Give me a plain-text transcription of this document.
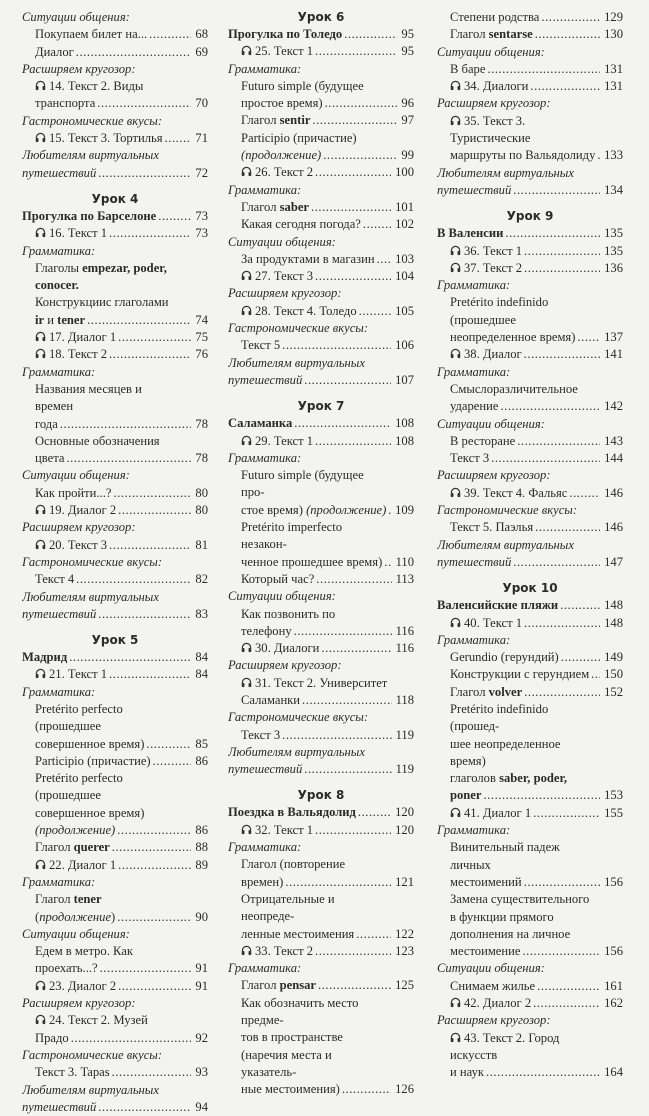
Ситуации общения:
Покупаем билет на... . . .	68
Диалог . . .	69
Расширяем кругозор:
14. Текст 2. Виды
транспорта . . .	70
Гастрономические вкусы:
15. Текст 3. Тортилья . . .	71
Любителям виртуальных
путешествий . . .	72
Урок 4
Прогулка по Барселоне . . .	73
16. Текст 1 . . .	73
Грамматика:
Глаголы empezar, poder, conocer.
Конструкциис глаголами
ir и tener . . .	74
17. Диалог 1 . . .	75
18. Текст 2 . . .	76
Грамматика:
Названия месяцев и времен
года . . .	78
Основные обозначения
цвета . . .	78
Ситуации общения:
Как пройти...? . . .	80
19. Диалог 2 . . .	80
Расширяем кругозор:
20. Текст 3 . . .	81
Гастрономические вкусы:
Текст 4 . . .	82
Любителям виртуальных
путешествий . . .	83
Урок 5
Мадрид . . .	84
21. Текст 1 . . .	84
Грамматика:
Pretérito perfecto (прошедшее
совершенное время) . . .	85
Participio (причастие) . . .	86
Pretérito perfecto (прошедшее
совершенное время)
(продолжение) . . .	86
Глагол querer . . .	88
22. Диалог 1 . . .	89
Грамматика:
Глагол tener (продолжение) . . .	90
Ситуации общения:
Едем в метро. Как проехать...? . . .	91
23. Диалог 2 . . .	91
Расширяем кругозор:
24. Текст 2. Музей Прадо . . .	92
Гастрономические вкусы:
Текст 3. Tapas . . .	93
Любителям виртуальных
путешествий . . .	94
Урок 6
Прогулка по Толедо . . .	95
25. Текст 1 . . .	95
Грамматика:
Futuro simple (будущее
простое время) . . .	96
Глагол sentir . . .	97
Participio (причастие)
(продолжение) . . .	99
26. Текст 2 . . .	100
Грамматика:
Глагол saber . . .	101
Какая сегодня погода? . . .	102
Ситуации общения:
За продуктами в магазин . . .	103
27. Текст 3 . . .	104
Расширяем кругозор:
28. Текст 4. Толедо . . .	105
Гастрономические вкусы:
Текст 5 . . .	106
Любителям виртуальных
путешествий . . .	107
Урок 7
Саламанка . . .	108
29. Текст 1 . . .	108
Грамматика:
Futuro simple (будущее про-
стое время) (продолжение) . . . 109
Pretérito imperfecto незакон-
ченное прошедшее время) . . .	110
Который час? . . .	113
Ситуации общения:
Как позвонить по телефону . . .	116
30. Диалоги . . .	116
Расширяем кругозор:
31. Текст 2. Университет
Саламанки . . .	118
Гастрономические вкусы:
Текст 3 . . .	119
Любителям виртуальных
путешествий . . .	119
Урок 8
Поездка в Вальядолид . . .	120
32. Текст 1 . . .	120
Грамматика:
Глагол (повторение времен) . . .	121
Отрицательные и неопреде-
ленные местоимения . . .	122
33. Текст 2 . . .	123
Грамматика:
Глагол pensar . . .	125
Как обозначить место предме-
тов в пространстве
(наречия места и указатель-
ные местоимения) . . .	126
Степени родства . . .	129
Глагол sentarse . . .	130
Ситуации общения:
В баре . . .	131
34. Диалоги . . .	131
Расширяем кругозор:
35. Текст 3. Туристические
маршруты по Вальядолиду . . . 133
Любителям виртуальных
путешествий . . .	134
Урок 9
В Валенсии . . .	135
36. Текст 1 . . .	135
37. Текст 2 . . .	136
Грамматика:
Pretérito indefinido (прошедшее
неопределенное время) . . .	137
38. Диалог . . .	141
Грамматика:
Смыслоразличительное
ударение . . .	142
Ситуации общения:
В ресторане . . .	143
Текст 3 . . .	144
Расширяем кругозор:
39. Текст 4. Фальяс . . .	146
Гастрономические вкусы:
Текст 5. Паэлья . . .	146
Любителям виртуальных
путешествий . . .	147
Урок 10
Валенсийские пляжи . . .	148
40. Текст 1 . . .	148
Грамматика:
Gerundio (герундий) . . .	149
Конструкции с герундием . . .	150
Глагол volver . . .	152
Pretérito indefinido (прошед-
шее неопределенное время)
глаголов saber, poder,
poner . . .	153
41. Диалог 1 . . .	155
Грамматика:
Винительный падеж личных
местоимений . . .	156
Замена существительного
в функции прямого
дополнения на личное
местоимение . . .	156
Ситуации общения:
Снимаем жилье . . .	161
42. Диалог 2 . . .	162
Расширяем кругозор:
43. Текст 2. Город искусств
и наук . . .	164
